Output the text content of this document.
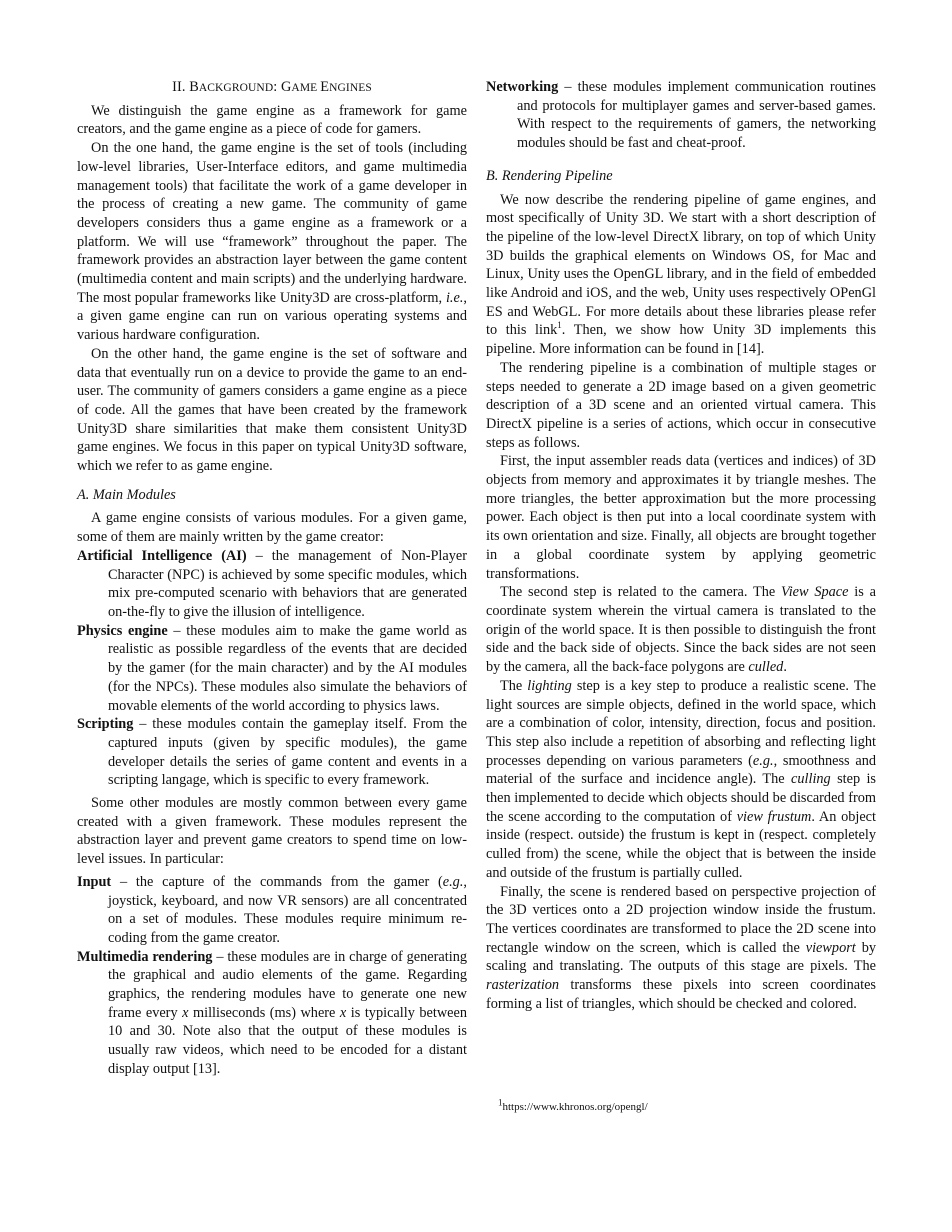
II. BACKGROUND: GAME ENGINES

We distinguish the game engine as a framework for game creators, and the game engine as a piece of code for gamers.

On the one hand, the game engine is the set of tools (including low-level libraries, User-Interface editors, and game multimedia management tools) that facilitate the work of a game developer in the process of creating a new game. The community of game developers considers thus a game engine as a framework or a platform. We will use “framework” throughout the paper. The framework provides an abstraction layer between the game content (multimedia content and main scripts) and the underlying hardware. The most popular frameworks like Unity3D are cross-platform, i.e., a given game engine can run on various operating systems and various hardware configuration.

On the other hand, the game engine is the set of software and data that eventually run on a device to provide the game to an end-user. The community of gamers considers a game engine as a piece of code. All the games that have been created by the framework Unity3D share similarities that make them consistent Unity3D game engines. We focus in this paper on typical Unity3D software, which we refer to as game engine.

A. Main Modules

A game engine consists of various modules. For a given game, some of them are mainly written by the game creator:

Artificial Intelligence (AI) – the management of Non-Player Character (NPC) is achieved by some specific modules, which mix pre-computed scenario with behaviors that are generated on-the-fly to give the illusion of intelligence.
Physics engine – these modules aim to make the game world as realistic as possible regardless of the events that are decided by the gamer (for the main character) and by the AI modules (for the NPCs). These modules also simulate the behaviors of movable elements of the world according to physics laws.
Scripting – these modules contain the gameplay itself. From the captured inputs (given by specific modules), the game developer details the series of game content and events in a scripting langage, which is specific to every framework.

Some other modules are mostly common between every game created with a given framework. These modules represent the abstraction layer and prevent game creators to spend time on low-level issues. In particular:

Input – the capture of the commands from the gamer (e.g., joystick, keyboard, and now VR sensors) are all concentrated on a set of modules. These modules require minimum re-coding from the game creator.
Multimedia rendering – these modules are in charge of generating the graphical and audio elements of the game. Regarding graphics, the rendering modules have to generate one new frame every x milliseconds (ms) where x is typically between 10 and 30. Note also that the output of these modules is usually raw videos, which need to be encoded for a distant display output [13].
Networking – these modules implement communication routines and protocols for multiplayer games and server-based games. With respect to the requirements of gamers, the networking modules should be fast and cheat-proof.
B. Rendering Pipeline

We now describe the rendering pipeline of game engines, and most specifically of Unity 3D. We start with a short description of the pipeline of the low-level DirectX library, on top of which Unity 3D builds the graphical elements on Windows OS, for Mac and Linux, Unity uses the OpenGL library, and in the field of embedded like Android and iOS, and the web, Unity uses respectively OPenGl ES and WebGL. For more details about these libraries please refer to this link$^1$. Then, we show how Unity 3D implements this pipeline. More information can be found in [14].

The rendering pipeline is a combination of multiple stages or steps needed to generate a 2D image based on a given geometric description of a 3D scene and an oriented virtual camera. This DirectX pipeline is a series of actions, which occur in consecutive steps as follows.

First, the input assembler reads data (vertices and indices) of 3D objects from memory and approximates it by triangle meshes. The more triangles, the better approximation but the more processing power. Each object is then put into a local coordinate system with its own orientation and size. Finally, all objects are brought together in a global coordinate system by applying geometric transformations.

The second step is related to the camera. The View Space is a coordinate system wherein the virtual camera is translated to the origin of the world space. It is then possible to distinguish the front side and the back side of objects. Since the back sides are not seen by the camera, all the back-face polygons are culled.

The lighting step is a key step to produce a realistic scene. The light sources are simple objects, defined in the world space, which are a combination of color, intensity, direction, focus and position. This step also include a repetition of absorbing and reflecting light processes depending on various parameters (e.g., smoothness and material of the surface and incidence angle). The culling step is then implemented to decide which objects should be discarded from the scene according to the computation of view frustum. An object inside (respect. outside) the frustum is kept in (respect. completely culled from) the scene, while the object that is between the inside and outside of the frustum is partially culled.

Finally, the scene is rendered based on perspective projection of the 3D vertices onto a 2D projection window inside the frustum. The vertices coordinates are transformed to place the 2D scene into rectangle window on the screen, which is called the viewport by scaling and translating. The outputs of this stage are pixels. The rasterization transforms these pixels into screen coordinates forming a list of triangles, which should be checked and colored.

$^1$https://www.khronos.org/opengl/
